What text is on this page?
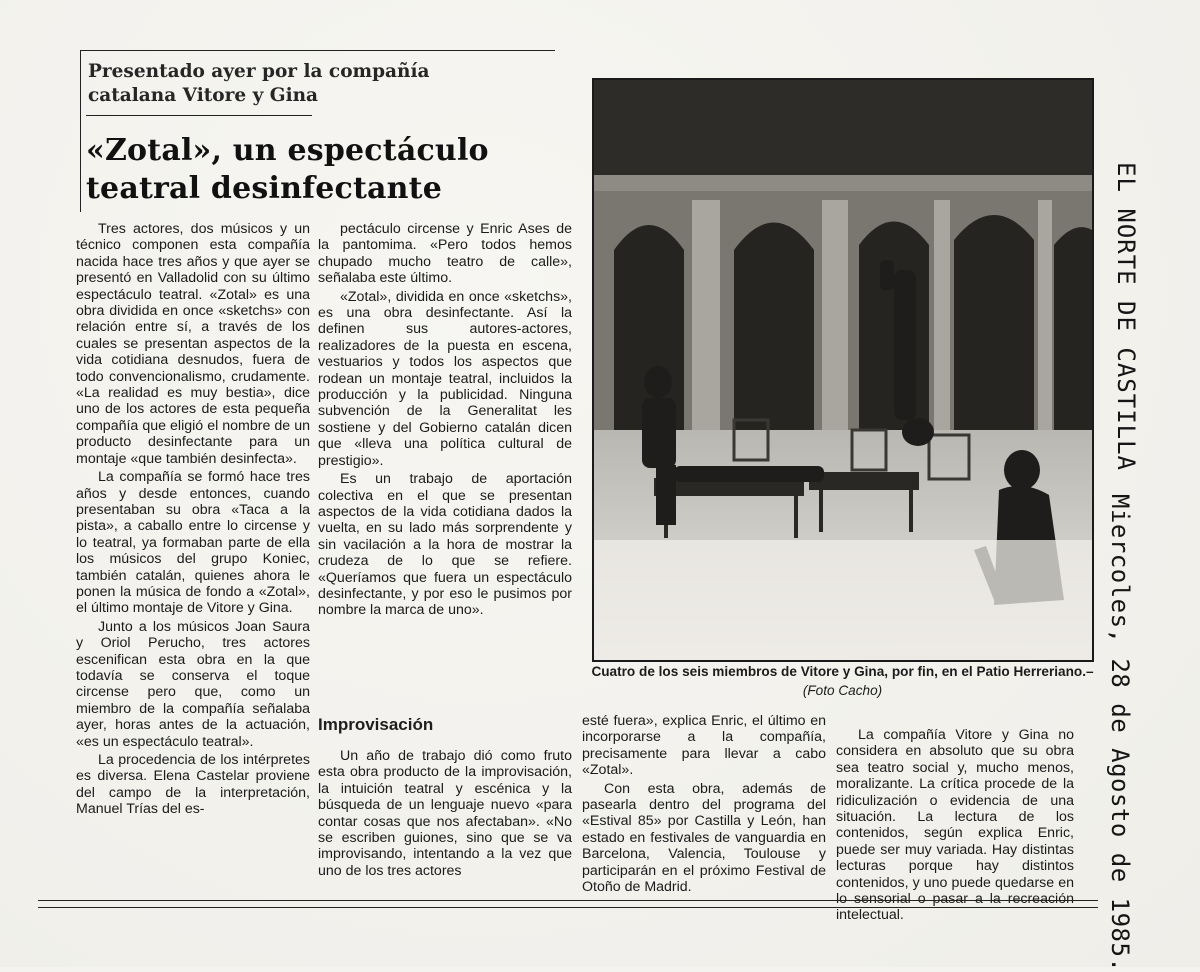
Presentado ayer por la compañía catalana Vitore y Gina
«Zotal», un espectáculo teatral desinfectante

Tres actores, dos músicos y un técnico componen esta compañía nacida hace tres años y que ayer se presentó en Valladolid con su último espectáculo teatral. «Zotal» es una obra dividida en once «sketchs» con relación entre sí, a través de los cuales se presentan aspectos de la vida cotidiana desnudos, fuera de todo convencionalismo, crudamente. «La realidad es muy bestia», dice uno de los actores de esta pequeña compañía que eligió el nombre de un producto desinfectante para un montaje «que también desinfecta».

La compañía se formó hace tres años y desde entonces, cuando presentaban su obra «Taca a la pista», a caballo entre lo circense y lo teatral, ya formaban parte de ella los músicos del grupo Koniec, también catalán, quienes ahora le ponen la música de fondo a «Zotal», el último montaje de Vitore y Gina.

Junto a los músicos Joan Saura y Oriol Perucho, tres actores escenifican esta obra en la que todavía se conserva el toque circense pero que, como un miembro de la compañía señalaba ayer, horas antes de la actuación, «es un espectáculo teatral».

La procedencia de los intérpretes es diversa. Elena Castelar proviene del campo de la interpretación, Manuel Trías del es-

pectáculo circense y Enric Ases de la pantomima. «Pero todos hemos chupado mucho teatro de calle», señalaba este último.

«Zotal», dividida en once «sketchs», es una obra desinfectante. Así la definen sus autores-actores, realizadores de la puesta en escena, vestuarios y todos los aspectos que rodean un montaje teatral, incluidos la producción y la publicidad. Ninguna subvención de la Generalitat les sostiene y del Gobierno catalán dicen que «lleva una política cultural de prestigio».

Es un trabajo de aportación colectiva en el que se presentan aspectos de la vida cotidiana dados la vuelta, en su lado más sorprendente y sin vacilación a la hora de mostrar la crudeza de lo que se refiere. «Queríamos que fuera un espectáculo desinfectante, y por eso le pusimos por nombre la marca de uno».

Improvisación

Un año de trabajo dió como fruto esta obra producto de la improvisación, la intuición teatral y escénica y la búsqueda de un lenguaje nuevo «para contar cosas que nos afectaban». «No se escriben guiones, sino que se va improvisando, intentando a la vez que uno de los tres actores

Cuatro de los seis miembros de Vitore y Gina, por fin, en el Patio Herreriano.–(Foto Cacho)

esté fuera», explica Enric, el último en incorporarse a la compañía, precisamente para llevar a cabo «Zotal».

Con esta obra, además de pasearla dentro del programa del «Estival 85» por Castilla y León, han estado en festivales de vanguardia en Barcelona, Valencia, Toulouse y participarán en el próximo Festival de Otoño de Madrid.

La compañía Vitore y Gina no considera en absoluto que su obra sea teatro social y, mucho menos, moralizante. La crítica procede de la ridiculización o evidencia de una situación. La lectura de los contenidos, según explica Enric, puede ser muy variada. Hay distintas lecturas porque hay distintos contenidos, y uno puede quedarse en lo sensorial o pasar a la recreación intelectual.

EL NORTE DE CASTILLA
Miercoles, 28 de Agosto de 1985.
